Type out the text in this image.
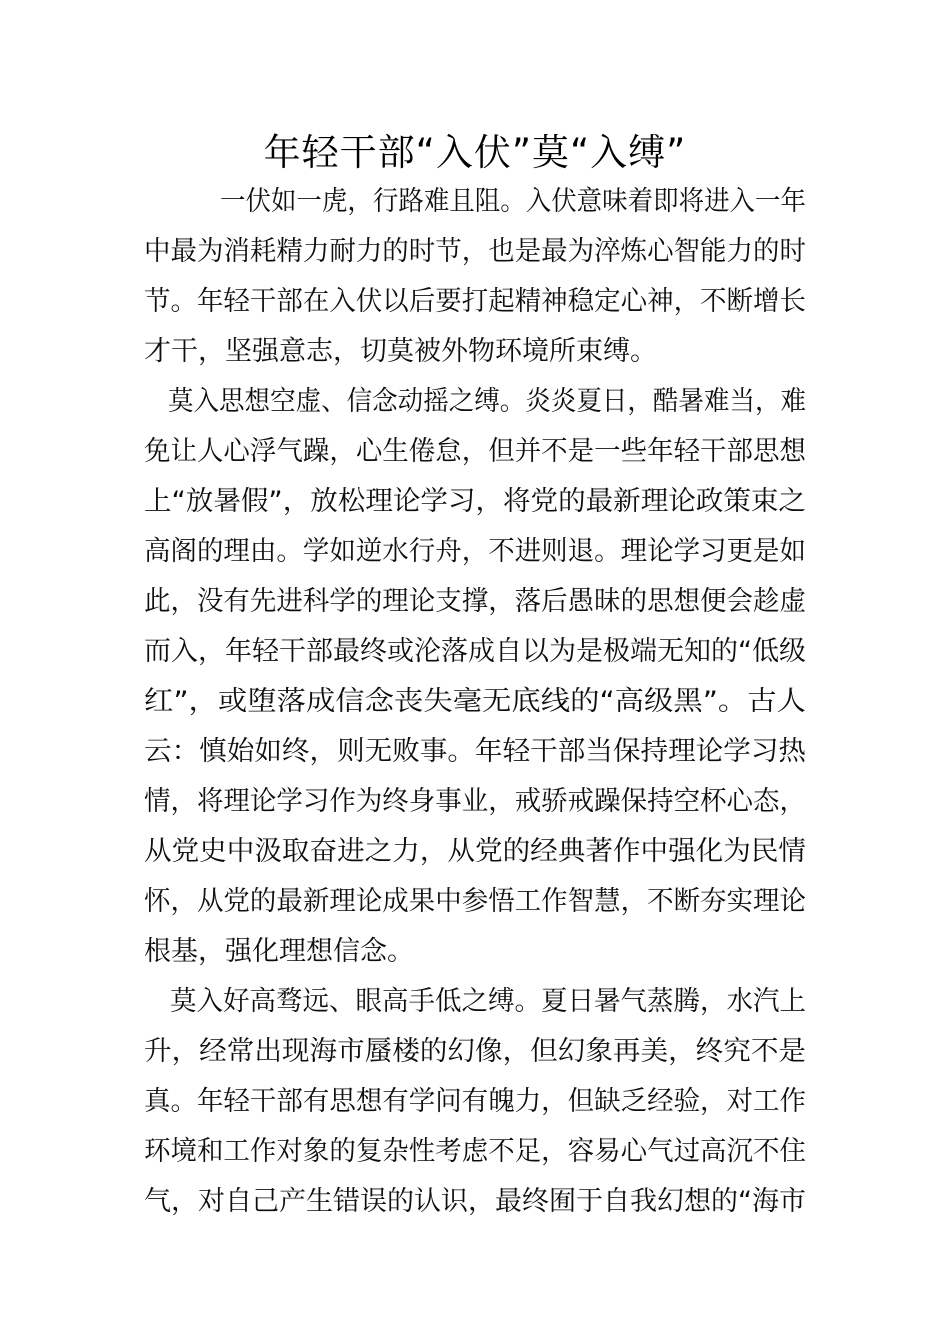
年轻干部“入伏”莫“入缚”
一伏如一虎，行路难且阻。入伏意味着即将进入一年
中最为消耗精力耐力的时节，也是最为淬炼心智能力的时
节。年轻干部在入伏以后要打起精神稳定心神，不断增长
才干，坚强意志，切莫被外物环境所束缚。
莫入思想空虚、信念动摇之缚。炎炎夏日，酷暑难当，难
免让人心浮气躁，心生倦怠，但并不是一些年轻干部思想
上“放暑假”，放松理论学习，将党的最新理论政策束之
高阁的理由。学如逆水行舟，不进则退。理论学习更是如
此，没有先进科学的理论支撑，落后愚昧的思想便会趁虚
而入，年轻干部最终或沦落成自以为是极端无知的“低级
红”，或堕落成信念丧失毫无底线的“高级黑”。古人
云：慎始如终，则无败事。年轻干部当保持理论学习热
情，将理论学习作为终身事业，戒骄戒躁保持空杯心态，
从党史中汲取奋进之力，从党的经典著作中强化为民情
怀，从党的最新理论成果中参悟工作智慧，不断夯实理论
根基，强化理想信念。
莫入好高骛远、眼高手低之缚。夏日暑气蒸腾，水汽上
升，经常出现海市蜃楼的幻像，但幻象再美，终究不是
真。年轻干部有思想有学问有魄力，但缺乏经验，对工作
环境和工作对象的复杂性考虑不足，容易心气过高沉不住
气，对自己产生错误的认识，最终囿于自我幻想的“海市
